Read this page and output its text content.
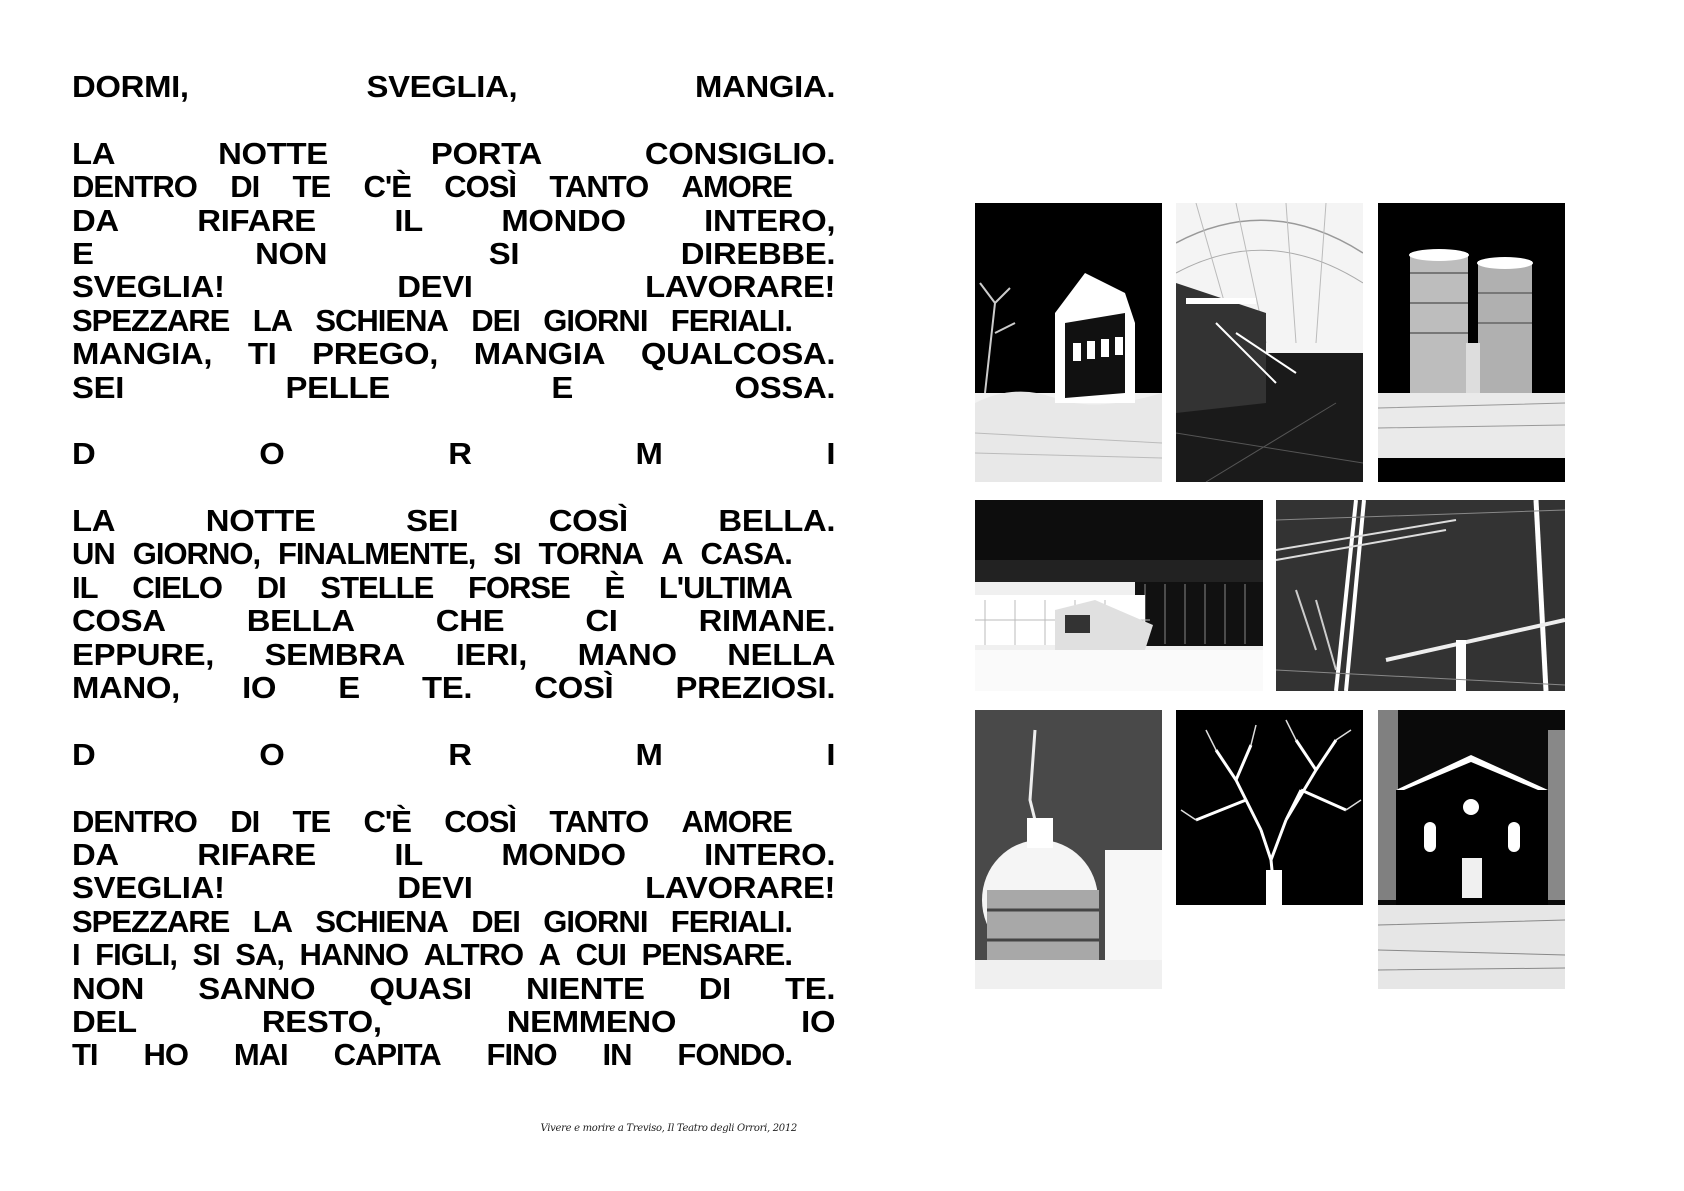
DORMI,	SVEGLIA,	MANGIA.
LA	NOTTE	PORTA	CONSIGLIO.
DENTRO DI TE C'È COSÌ TANTO AMORE
DA	RIFARE	IL	MONDO	INTERO,
E	NON	SI	DIREBBE.
SVEGLIA!	DEVI	LAVORARE!
SPEZZARE LA SCHIENA DEI GIORNI FERIALI.
MANGIA, TI PREGO, MANGIA QUALCOSA.
SEI	PELLE	E	OSSA.
D	O	R	M	I
LA	NOTTE	SEI	COSÌ	BELLA.
UN GIORNO, FINALMENTE, SI TORNA A CASA.
IL CIELO DI STELLE FORSE È L'ULTIMA
COSA	BELLA	CHE	CI	RIMANE.
EPPURE, SEMBRA IERI, MANO NELLA
MANO, IO E TE. COSÌ PREZIOSI.
D	O	R	M	I
DENTRO DI TE C'È COSÌ TANTO AMORE
DA	RIFARE	IL	MONDO	INTERO.
SVEGLIA!	DEVI	LAVORARE!
SPEZZARE LA SCHIENA DEI GIORNI FERIALI.
I FIGLI, SI SA, HANNO ALTRO A CUI PENSARE.
NON SANNO QUASI NIENTE DI TE.
DEL	RESTO,	NEMMENO	IO
TI HO MAI CAPITA FINO IN FONDO.
Vivere e morire a Treviso, Il Teatro degli Orrori, 2012
